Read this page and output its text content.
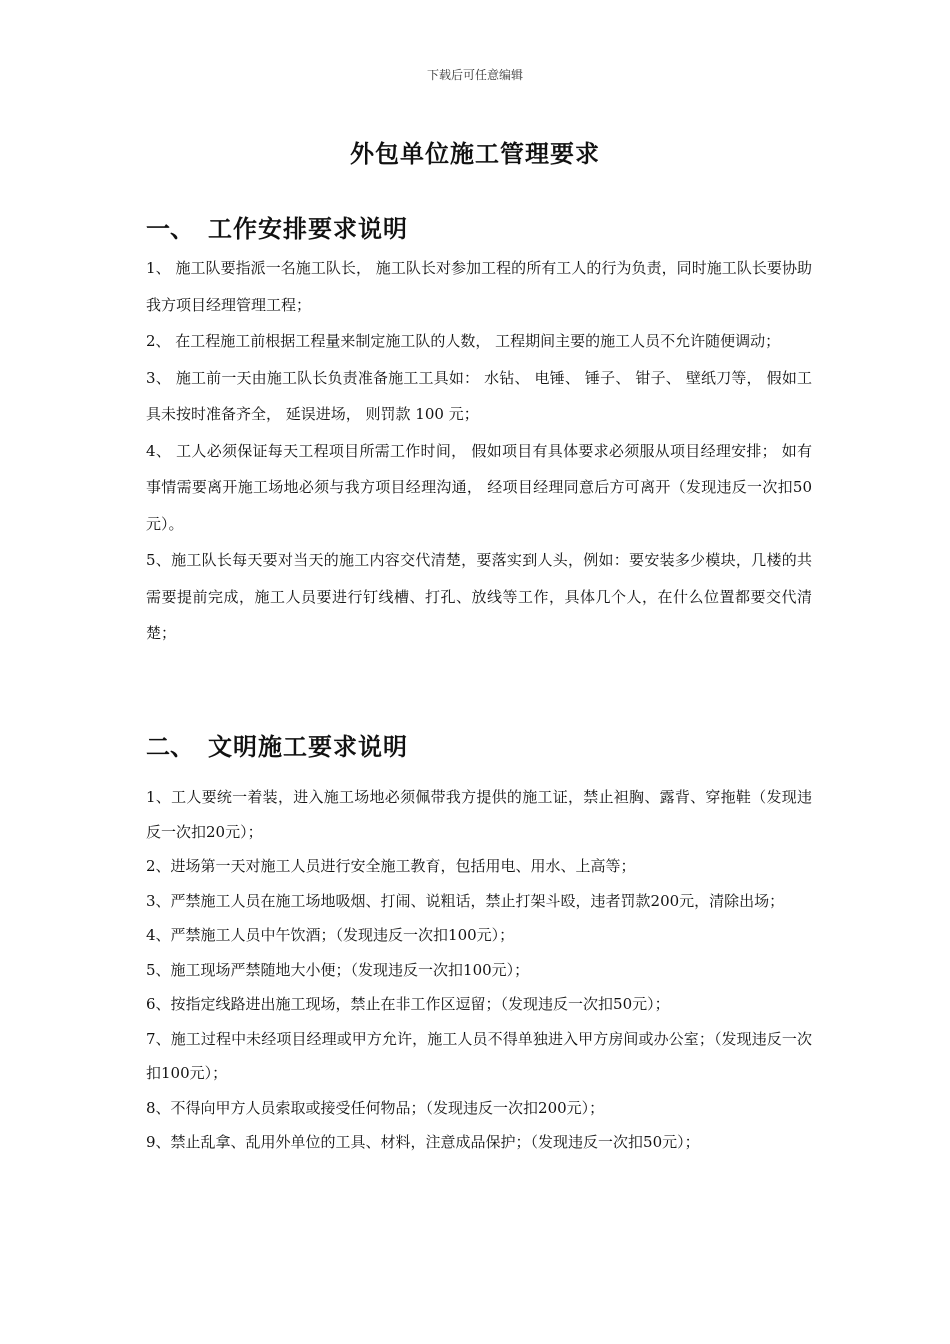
下载后可任意编辑
外包单位施工管理要求
一、 工作安排要求说明

1、 施工队要指派一名施工队长， 施工队长对参加工程的所有工人的行为负责，同时施工队长要协助我方项目经理管理工程；

2、 在工程施工前根据工程量来制定施工队的人数， 工程期间主要的施工人员不允许随便调动；

3、 施工前一天由施工队长负责准备施工工具如： 水钻、 电锤、 锤子、 钳子、 壁纸刀等， 假如工具未按时准备齐全， 延误进场， 则罚款 100 元；

4、 工人必须保证每天工程项目所需工作时间， 假如项目有具体要求必须服从项目经理安排； 如有事情需要离开施工场地必须与我方项目经理沟通， 经项目经理同意后方可离开（发现违反一次扣50元）。

5、施工队长每天要对当天的施工内容交代清楚，要落实到人头，例如：要安装多少模块，几楼的共需要提前完成，施工人员要进行钉线槽、打孔、放线等工作，具体几个人，在什么位置都要交代清楚；

二、 文明施工要求说明

1、工人要统一着装，进入施工场地必须佩带我方提供的施工证，禁止袒胸、露背、穿拖鞋（发现违反一次扣20元）；

2、进场第一天对施工人员进行安全施工教育，包括用电、用水、上高等；

3、严禁施工人员在施工场地吸烟、打闹、说粗话，禁止打架斗殴，违者罚款200元，清除出场；

4、严禁施工人员中午饮酒；（发现违反一次扣100元）；

5、施工现场严禁随地大小便；（发现违反一次扣100元）；

6、按指定线路进出施工现场，禁止在非工作区逗留；（发现违反一次扣50元）；

7、施工过程中未经项目经理或甲方允许，施工人员不得单独进入甲方房间或办公室；（发现违反一次扣100元）；

8、不得向甲方人员索取或接受任何物品；（发现违反一次扣200元）；

9、禁止乱拿、乱用外单位的工具、材料，注意成品保护；（发现违反一次扣50元）；
